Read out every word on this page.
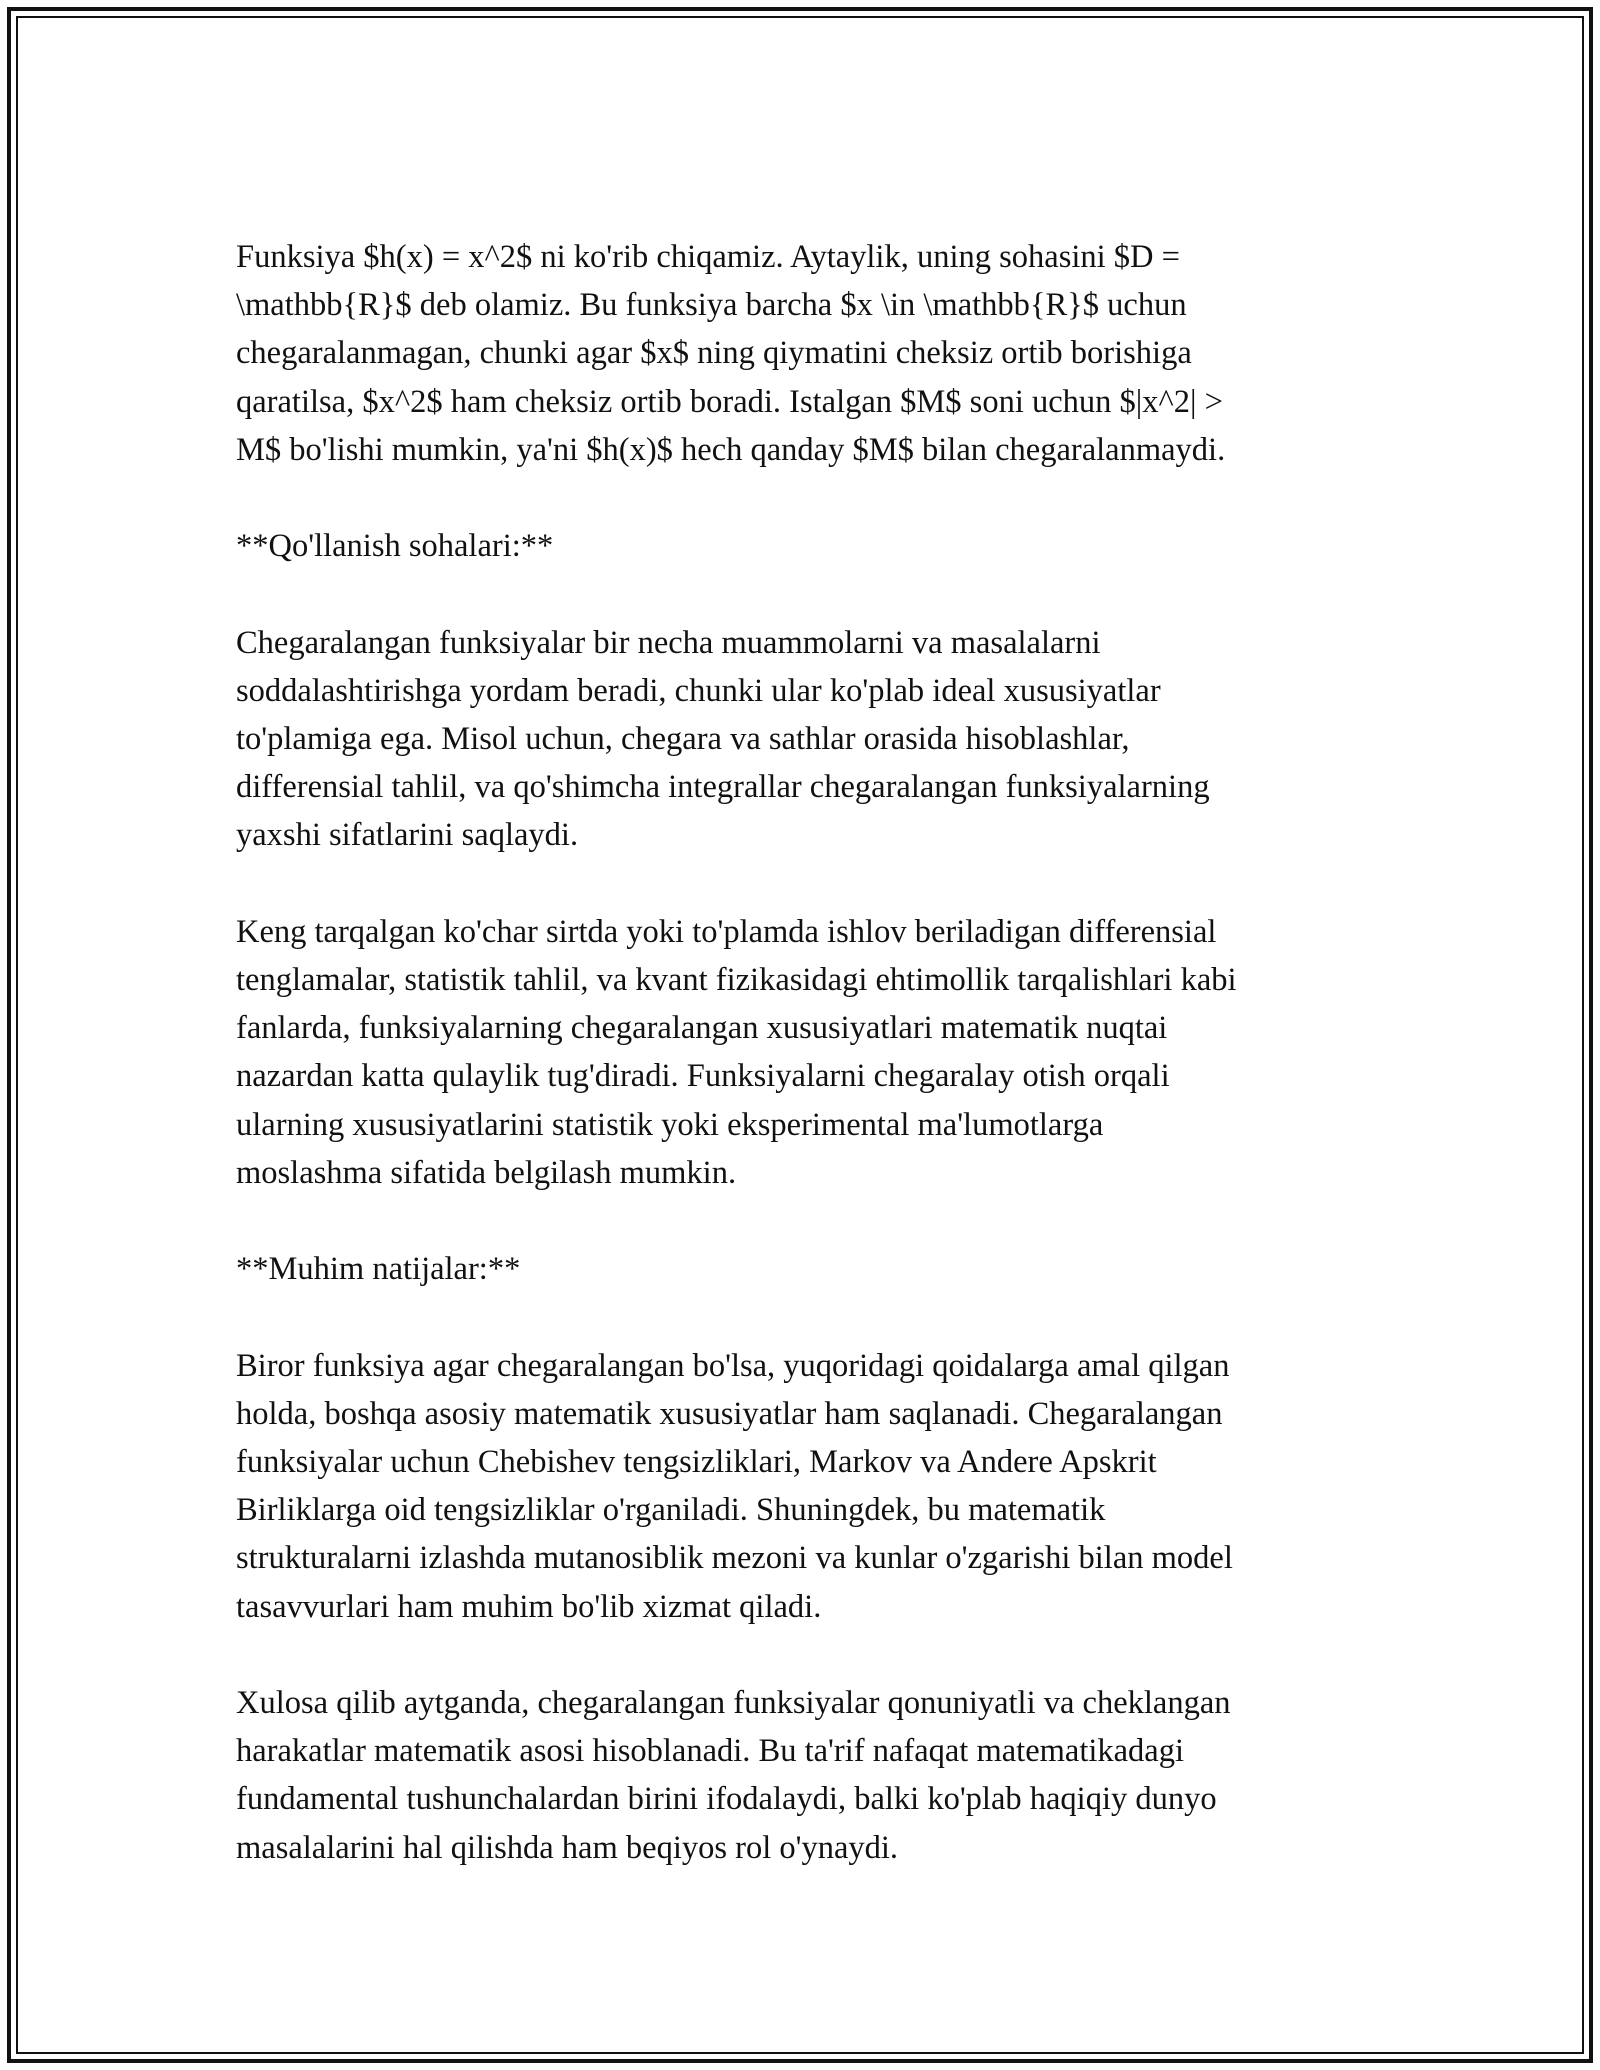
Funksiya $h(x) = x^2$ ni ko'rib chiqamiz. Aytaylik, uning sohasini $D =
\mathbb{R}$ deb olamiz. Bu funksiya barcha $x \in \mathbb{R}$ uchun
chegaralanmagan, chunki agar $x$ ning qiymatini cheksiz ortib borishiga
qaratilsa, $x^2$ ham cheksiz ortib boradi. Istalgan $M$ soni uchun $|x^2| >
M$ bo'lishi mumkin, ya'ni $h(x)$ hech qanday $M$ bilan chegaralanmaydi.

**Qo'llanish sohalari:**

Chegaralangan funksiyalar bir necha muammolarni va masalalarni
soddalashtirishga yordam beradi, chunki ular ko'plab ideal xususiyatlar
to'plamiga ega. Misol uchun, chegara va sathlar orasida hisoblashlar,
differensial tahlil, va qo'shimcha integrallar chegaralangan funksiyalarning
yaxshi sifatlarini saqlaydi.

Keng tarqalgan ko'char sirtda yoki to'plamda ishlov beriladigan differensial
tenglamalar, statistik tahlil, va kvant fizikasidagi ehtimollik tarqalishlari kabi
fanlarda, funksiyalarning chegaralangan xususiyatlari matematik nuqtai
nazardan katta qulaylik tug'diradi. Funksiyalarni chegaralay otish orqali
ularning xususiyatlarini statistik yoki eksperimental ma'lumotlarga
moslashma sifatida belgilash mumkin.

**Muhim natijalar:**

Biror funksiya agar chegaralangan bo'lsa, yuqoridagi qoidalarga amal qilgan
holda, boshqa asosiy matematik xususiyatlar ham saqlanadi. Chegaralangan
funksiyalar uchun Chebishev tengsizliklari, Markov va Andere Apskrit
Birliklarga oid tengsizliklar o'rganiladi. Shuningdek, bu matematik
strukturalarni izlashda mutanosiblik mezoni va kunlar o'zgarishi bilan model
tasavvurlari ham muhim bo'lib xizmat qiladi.

Xulosa qilib aytganda, chegaralangan funksiyalar qonuniyatli va cheklangan
harakatlar matematik asosi hisoblanadi. Bu ta'rif nafaqat matematikadagi
fundamental tushunchalardan birini ifodalaydi, balki ko'plab haqiqiy dunyo
masalalarini hal qilishda ham beqiyos rol o'ynaydi.
